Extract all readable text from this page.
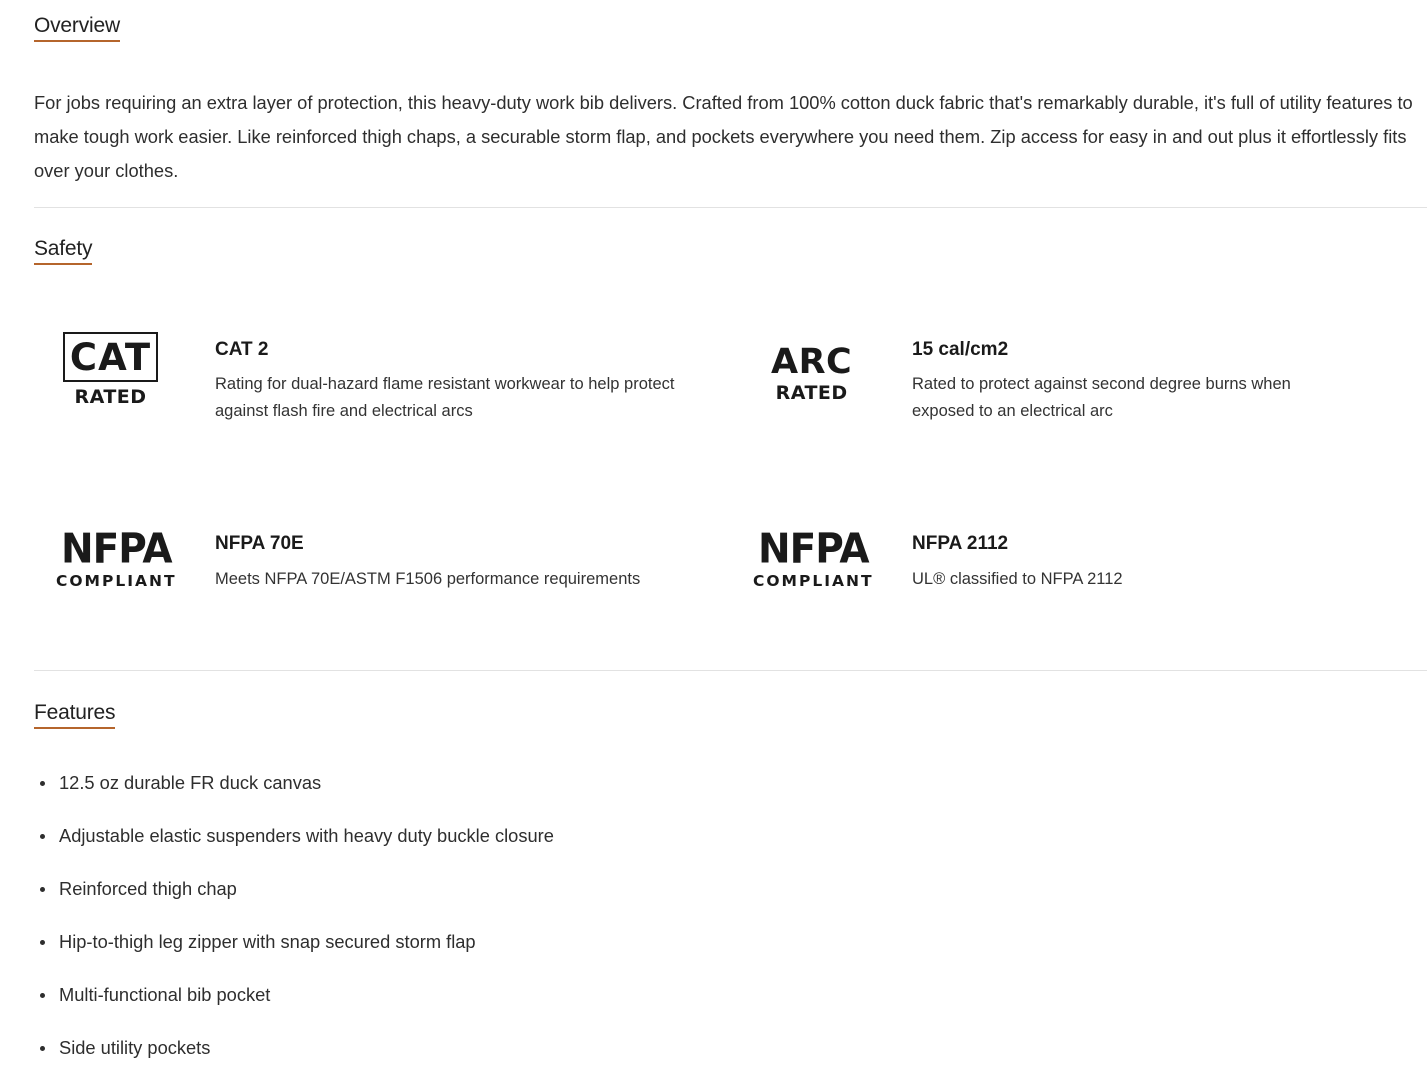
Overview

For jobs requiring an extra layer of protection, this heavy-duty work bib delivers. Crafted from 100% cotton duck fabric that's remarkably durable, it's full of utility features to make tough work easier. Like reinforced thigh chaps, a securable storm flap, and pockets everywhere you need them. Zip access for easy in and out plus it effortlessly fits over your clothes.

Safety
CAT
RATED
CAT 2

Rating for dual-hazard flame resistant workwear to help protect against flash fire and electrical arcs

ARC
RATED
15 cal/cm2

Rated to protect against second degree burns when exposed to an electrical arc

NFPA
COMPLIANT
NFPA 70E

Meets NFPA 70E/ASTM F1506 performance requirements

NFPA
COMPLIANT
NFPA 2112

UL® classified to NFPA 2112

Features
12.5 oz durable FR duck canvas
Adjustable elastic suspenders with heavy duty buckle closure
Reinforced thigh chap
Hip-to-thigh leg zipper with snap secured storm flap
Multi-functional bib pocket
Side utility pockets
